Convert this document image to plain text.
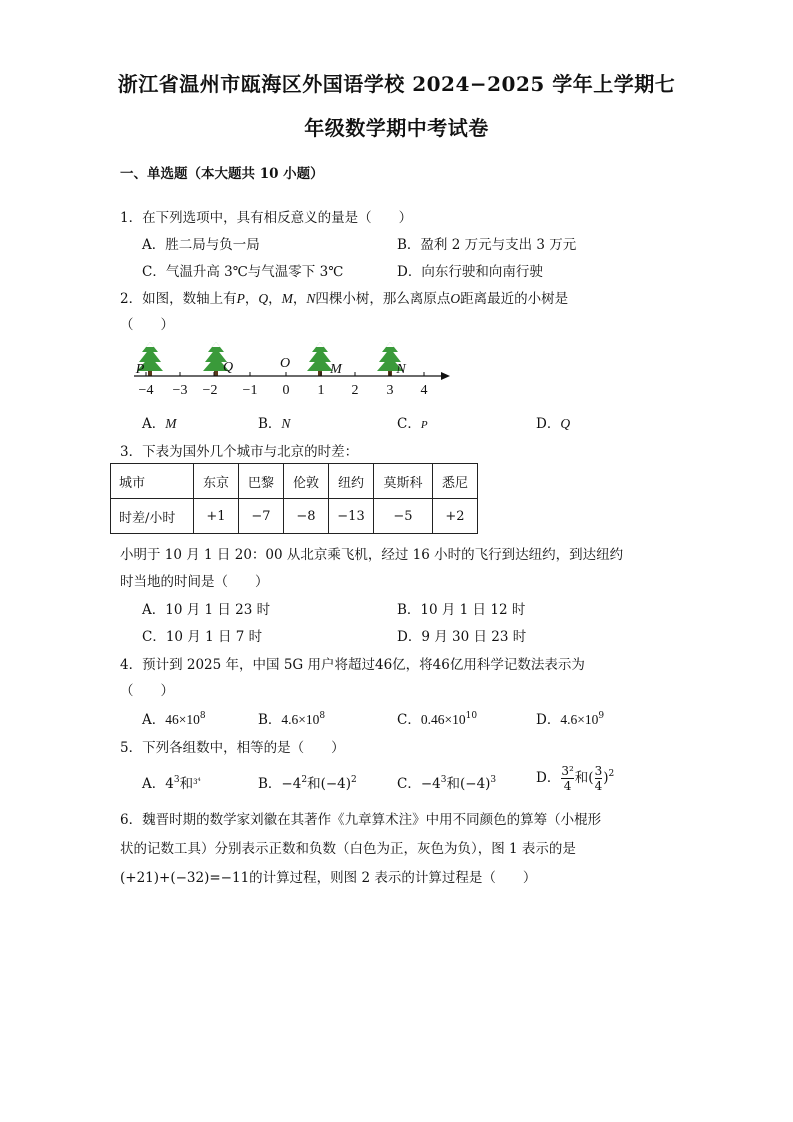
浙江省温州市瓯海区外国语学校 2024−2025 学年上学期七
年级数学期中考试卷
一、单选题（本大题共 10 小题）
1．在下列选项中，具有相反意义的量是（　　）
A．胜二局与负一局	B．盈利 2 万元与支出 3 万元
C．气温升高 3℃与气温零下 3℃	D．向东行驶和向南行驶
2．如图，数轴上有P，Q，M，N四棵小树，那么离原点O距离最近的小树是
（　　）
−4 −3 −2 −1 0 1 2 3 4
P	Q	O	M	N
A．M	B．N	C．P	D．Q
3．下表为国外几个城市与北京的时差：
城市	东京	巴黎	伦敦	纽约	莫斯科	悉尼
时差/小时	+1	−7	−8	−13	−5	+2
小明于 10 月 1 日 20：00 从北京乘飞机，经过 16 小时的飞行到达纽约，到达纽约
时当地的时间是（　　）
A．10 月 1 日 23 时	B．10 月 1 日 12 时
C．10 月 1 日 7 时	D．9 月 30 日 23 时
4．预计到 2025 年，中国 5G 用户将超过46亿，将46亿用科学记数法表示为
（　　）
A．$46\times 10^8$	B．$4.6\times 10^8$	C．$0.46\times 10^{10}$	D．$4.6\times 10^9$
5．下列各组数中，相等的是（　　）
A．$4^3$和$^{34}$	B．$-4^2$和$(-4)^2$	C．$-4^3$和$(-4)^3$	D． $\frac{\text{3²}}{4}$ 和( $\frac{3}{4} )^2$
6．魏晋时期的数学家刘徽在其著作《九章算术注》中用不同颜色的算筹（小棍形
状的记数工具）分别表示正数和负数（白色为正，灰色为负），图 1 表示的是
(+21)+(−32)=−11的计算过程，则图 2 表示的计算过程是（　　）
